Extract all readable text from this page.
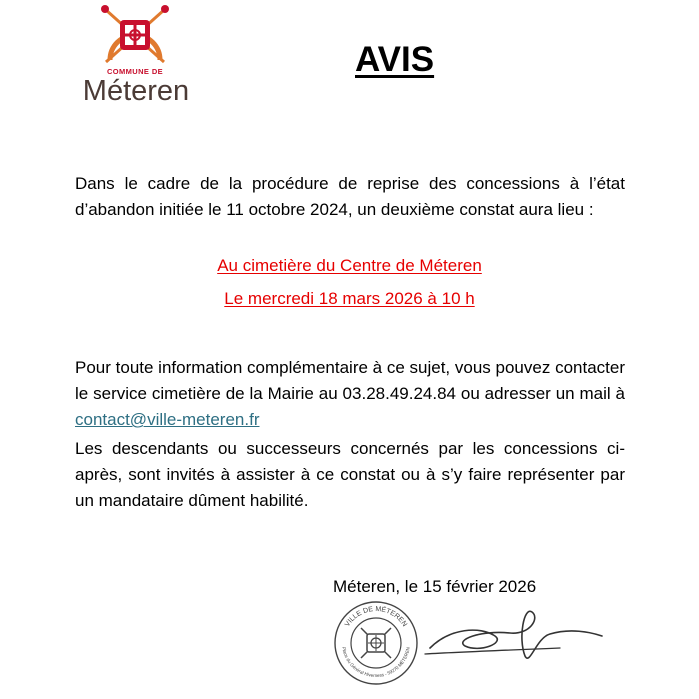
COMMUNE DE
Méteren
AVIS
Dans le cadre de la procédure de reprise des concessions à l’état d’abandon initiée le 11 octobre 2024, un deuxième constat aura lieu :
Au cimetière du Centre de Méteren
Le mercredi 18 mars 2026 à 10 h
Pour toute information complémentaire à ce sujet, vous pouvez contacter le service cimetière de la Mairie au 03.28.49.24.84 ou adresser un mail à contact@ville-meteren.fr
Les descendants ou successeurs concernés par les concessions ci-après, sont invités à assister à ce constat ou à s’y faire représenter par un mandataire dûment habilité.
Méteren, le 15 février 2026
VILLE DE MÉTEREN
Place du Général Hiverness - 59270 MÉTEREN
